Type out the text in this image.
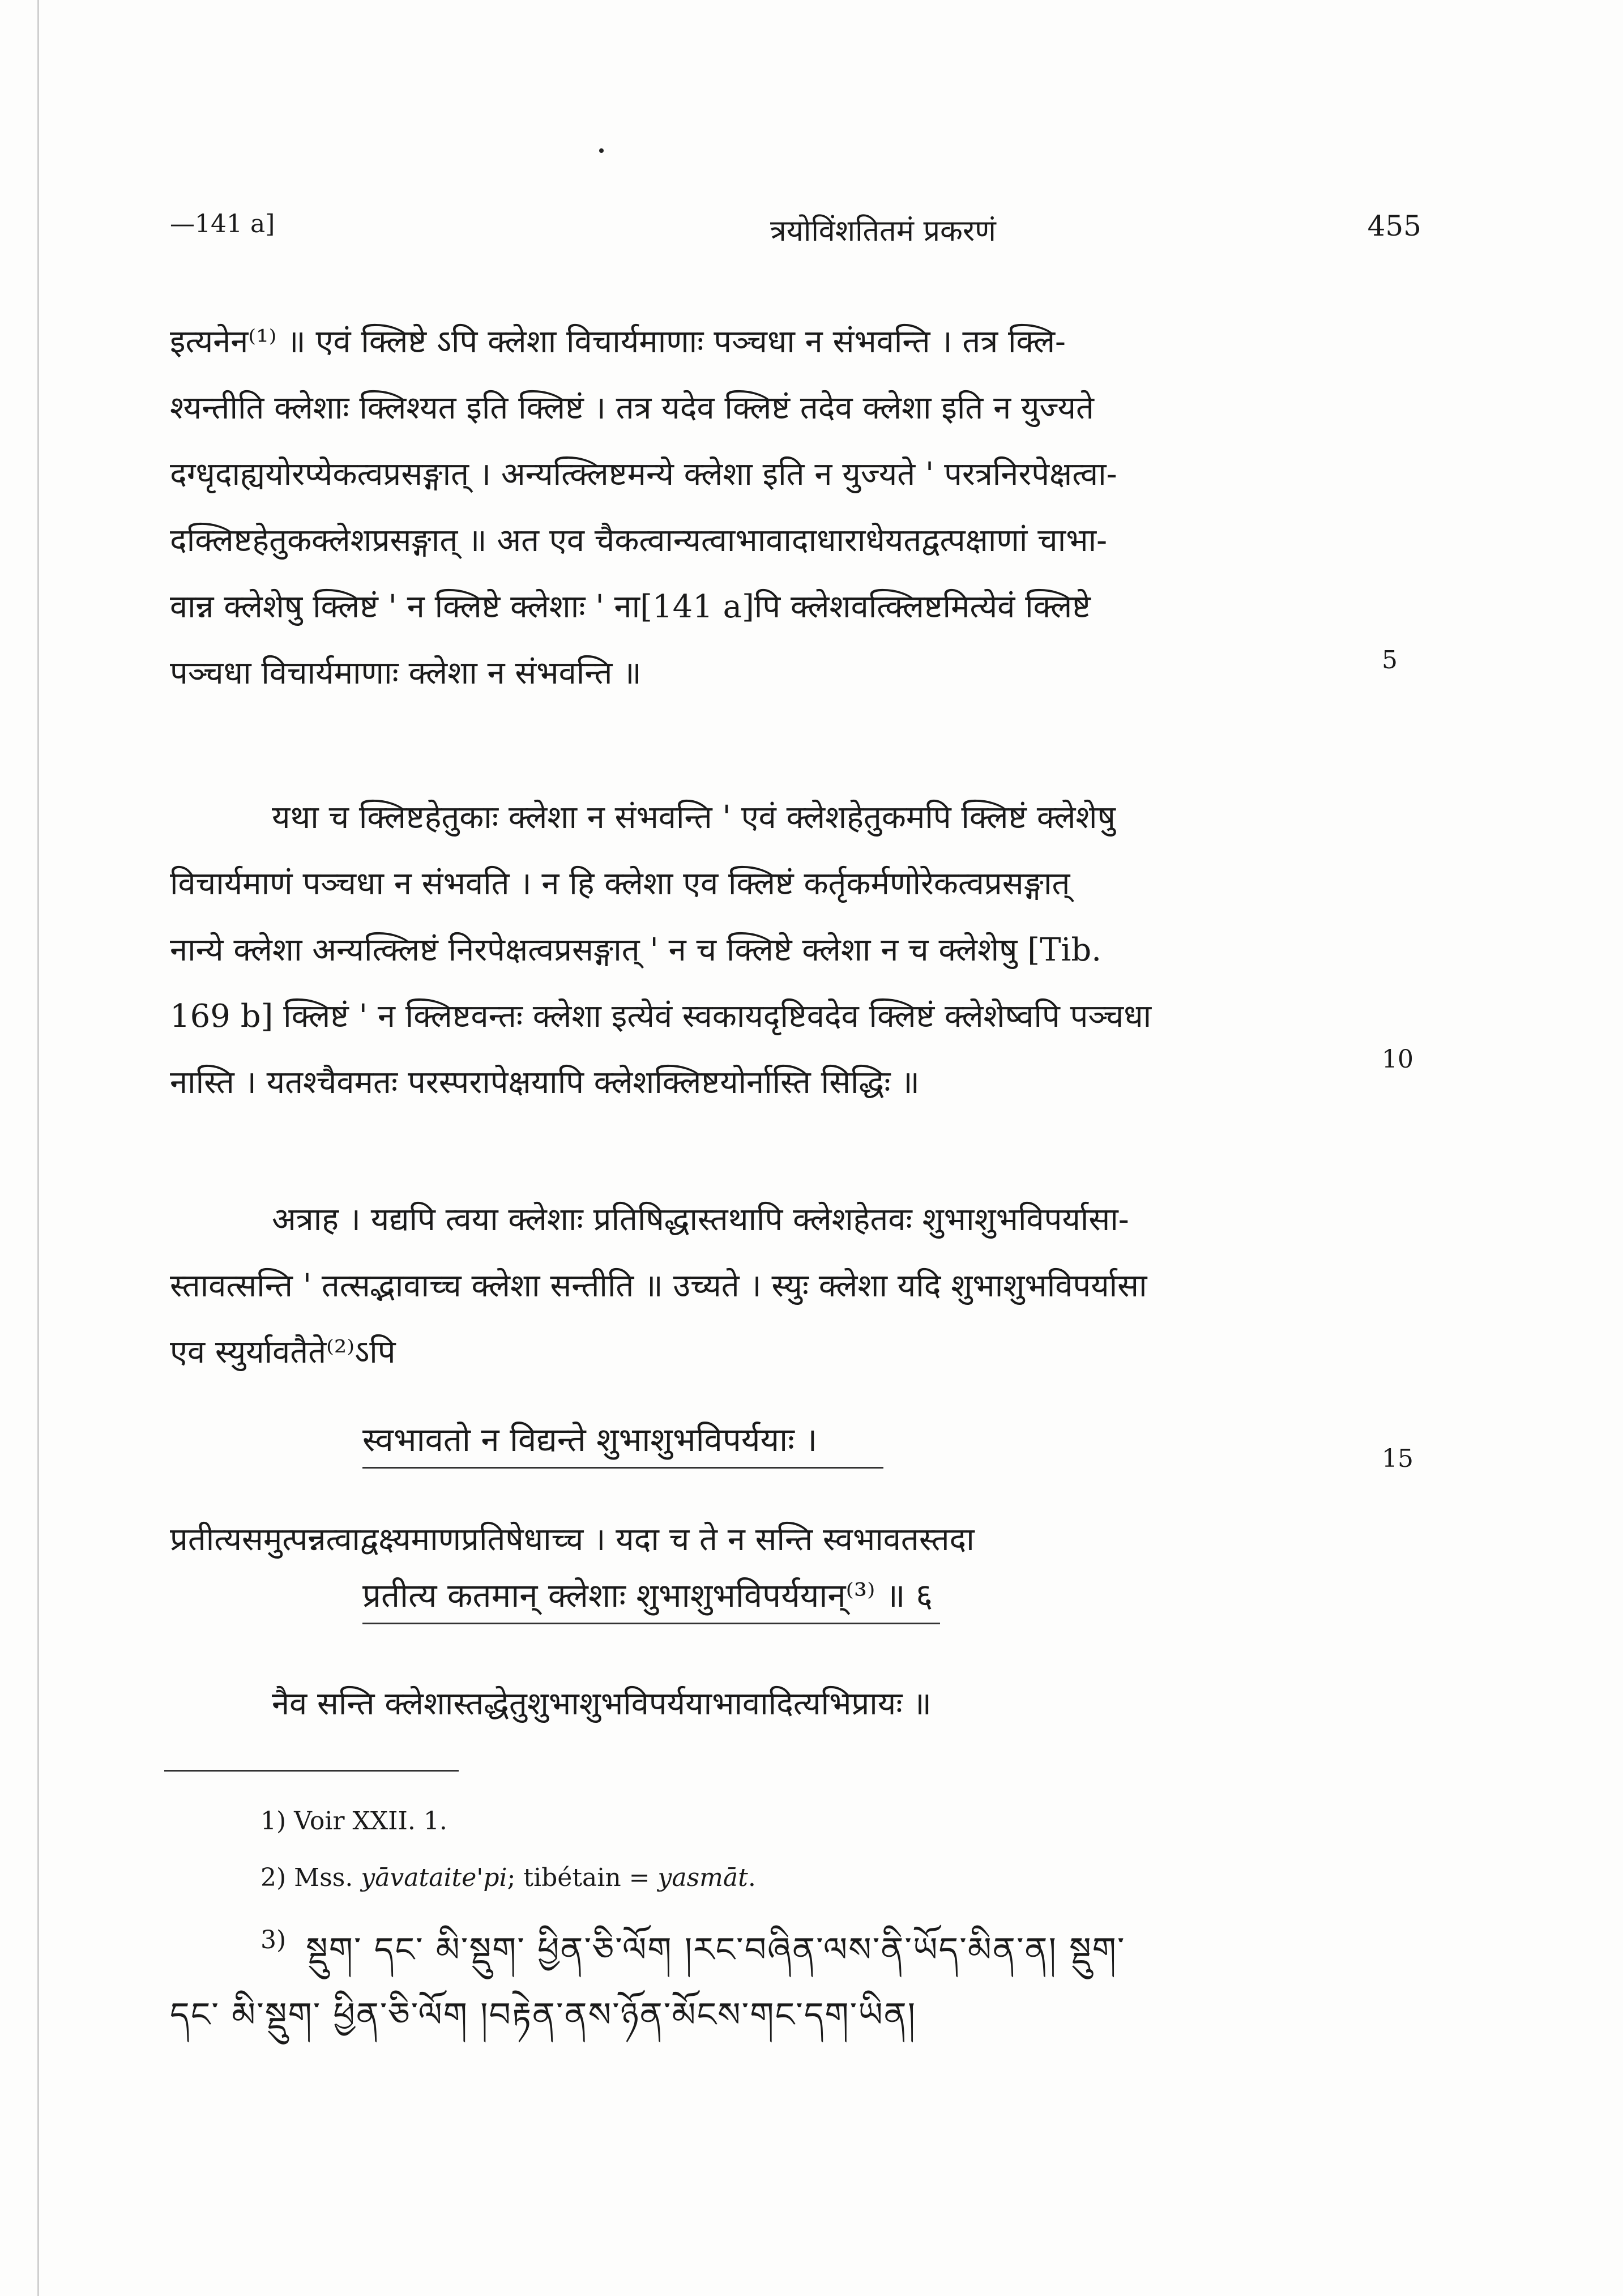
—141 a]	त्रयोविंशतितमं प्रकरणं	455
इत्यनेन⁽¹⁾ ॥ एवं क्लिष्टे ऽपि क्लेशा विचार्यमाणाः पञ्चधा न संभवन्ति । तत्र क्लि-
श्यन्तीति क्लेशाः क्लिश्यत इति क्लिष्टं । तत्र यदेव क्लिष्टं तदेव क्लेशा इति न युज्यते
दग्धृदाह्ययोरप्येकत्वप्रसङ्गात् । अन्यत्क्लिष्टमन्ये क्लेशा इति न युज्यते ' परत्रनिरपेक्षत्वा-
दक्लिष्टहेतुकक्लेशप्रसङ्गात् ॥ अत एव चैकत्वान्यत्वाभावादाधाराधेयतद्वत्पक्षाणां चाभा-
वान्न क्लेशेषु क्लिष्टं ' न क्लिष्टे क्लेशाः ' ना[141 a]पि क्लेशवत्क्लिष्टमित्येवं क्लिष्टे
पञ्चधा विचार्यमाणाः क्लेशा न संभवन्ति ॥	5
यथा च क्लिष्टहेतुकाः क्लेशा न संभवन्ति ' एवं क्लेशहेतुकमपि क्लिष्टं क्लेशेषु
विचार्यमाणं पञ्चधा न संभवति । न हि क्लेशा एव क्लिष्टं कर्तृकर्मणोरेकत्वप्रसङ्गात्
नान्ये क्लेशा अन्यत्क्लिष्टं निरपेक्षत्वप्रसङ्गात् ' न च क्लिष्टे क्लेशा न च क्लेशेषु [Tib.
169 b] क्लिष्टं ' न क्लिष्टवन्तः क्लेशा इत्येवं स्वकायदृष्टिवदेव क्लिष्टं क्लेशेष्वपि पञ्चधा
नास्ति । यतश्चैवमतः परस्परापेक्षयापि क्लेशक्लिष्टयोर्नास्ति सिद्धिः ॥
10
अत्राह । यद्यपि त्वया क्लेशाः प्रतिषिद्धास्तथापि क्लेशहेतवः शुभाशुभविपर्यासा-
स्तावत्सन्ति ' तत्सद्भावाच्च क्लेशा सन्तीति ॥ उच्यते । स्युः क्लेशा यदि शुभाशुभविपर्यासा
एव स्युर्यावतैते⁽²⁾ऽपि
स्वभावतो न विद्यन्ते शुभाशुभविपर्ययाः ।	15
प्रतीत्यसमुत्पन्नत्वाद्वक्ष्यमाणप्रतिषेधाच्च । यदा च ते न सन्ति स्वभावतस्तदा
प्रतीत्य कतमान् क्लेशाः शुभाशुभविपर्ययान्⁽³⁾ ॥ ६
नैव सन्ति क्लेशास्तद्धेतुशुभाशुभविपर्ययाभावादित्यभिप्रायः ॥
1) Voir XXII. 1.
2) Mss. yāvataite'pi; tibétain = yasmāt.
3) སྡུག་ དང་ མི་སྡུག་ ཕྱིན་ཅི་ལོག །རང་བཞིན་ལས་ནི་ཡོད་མིན་ན། སྡུག་
དང་ མི་སྡུག་ ཕྱིན་ཅི་ལོག །བརྟེན་ནས་ཉོན་མོངས་གང་དག་ཡིན།
